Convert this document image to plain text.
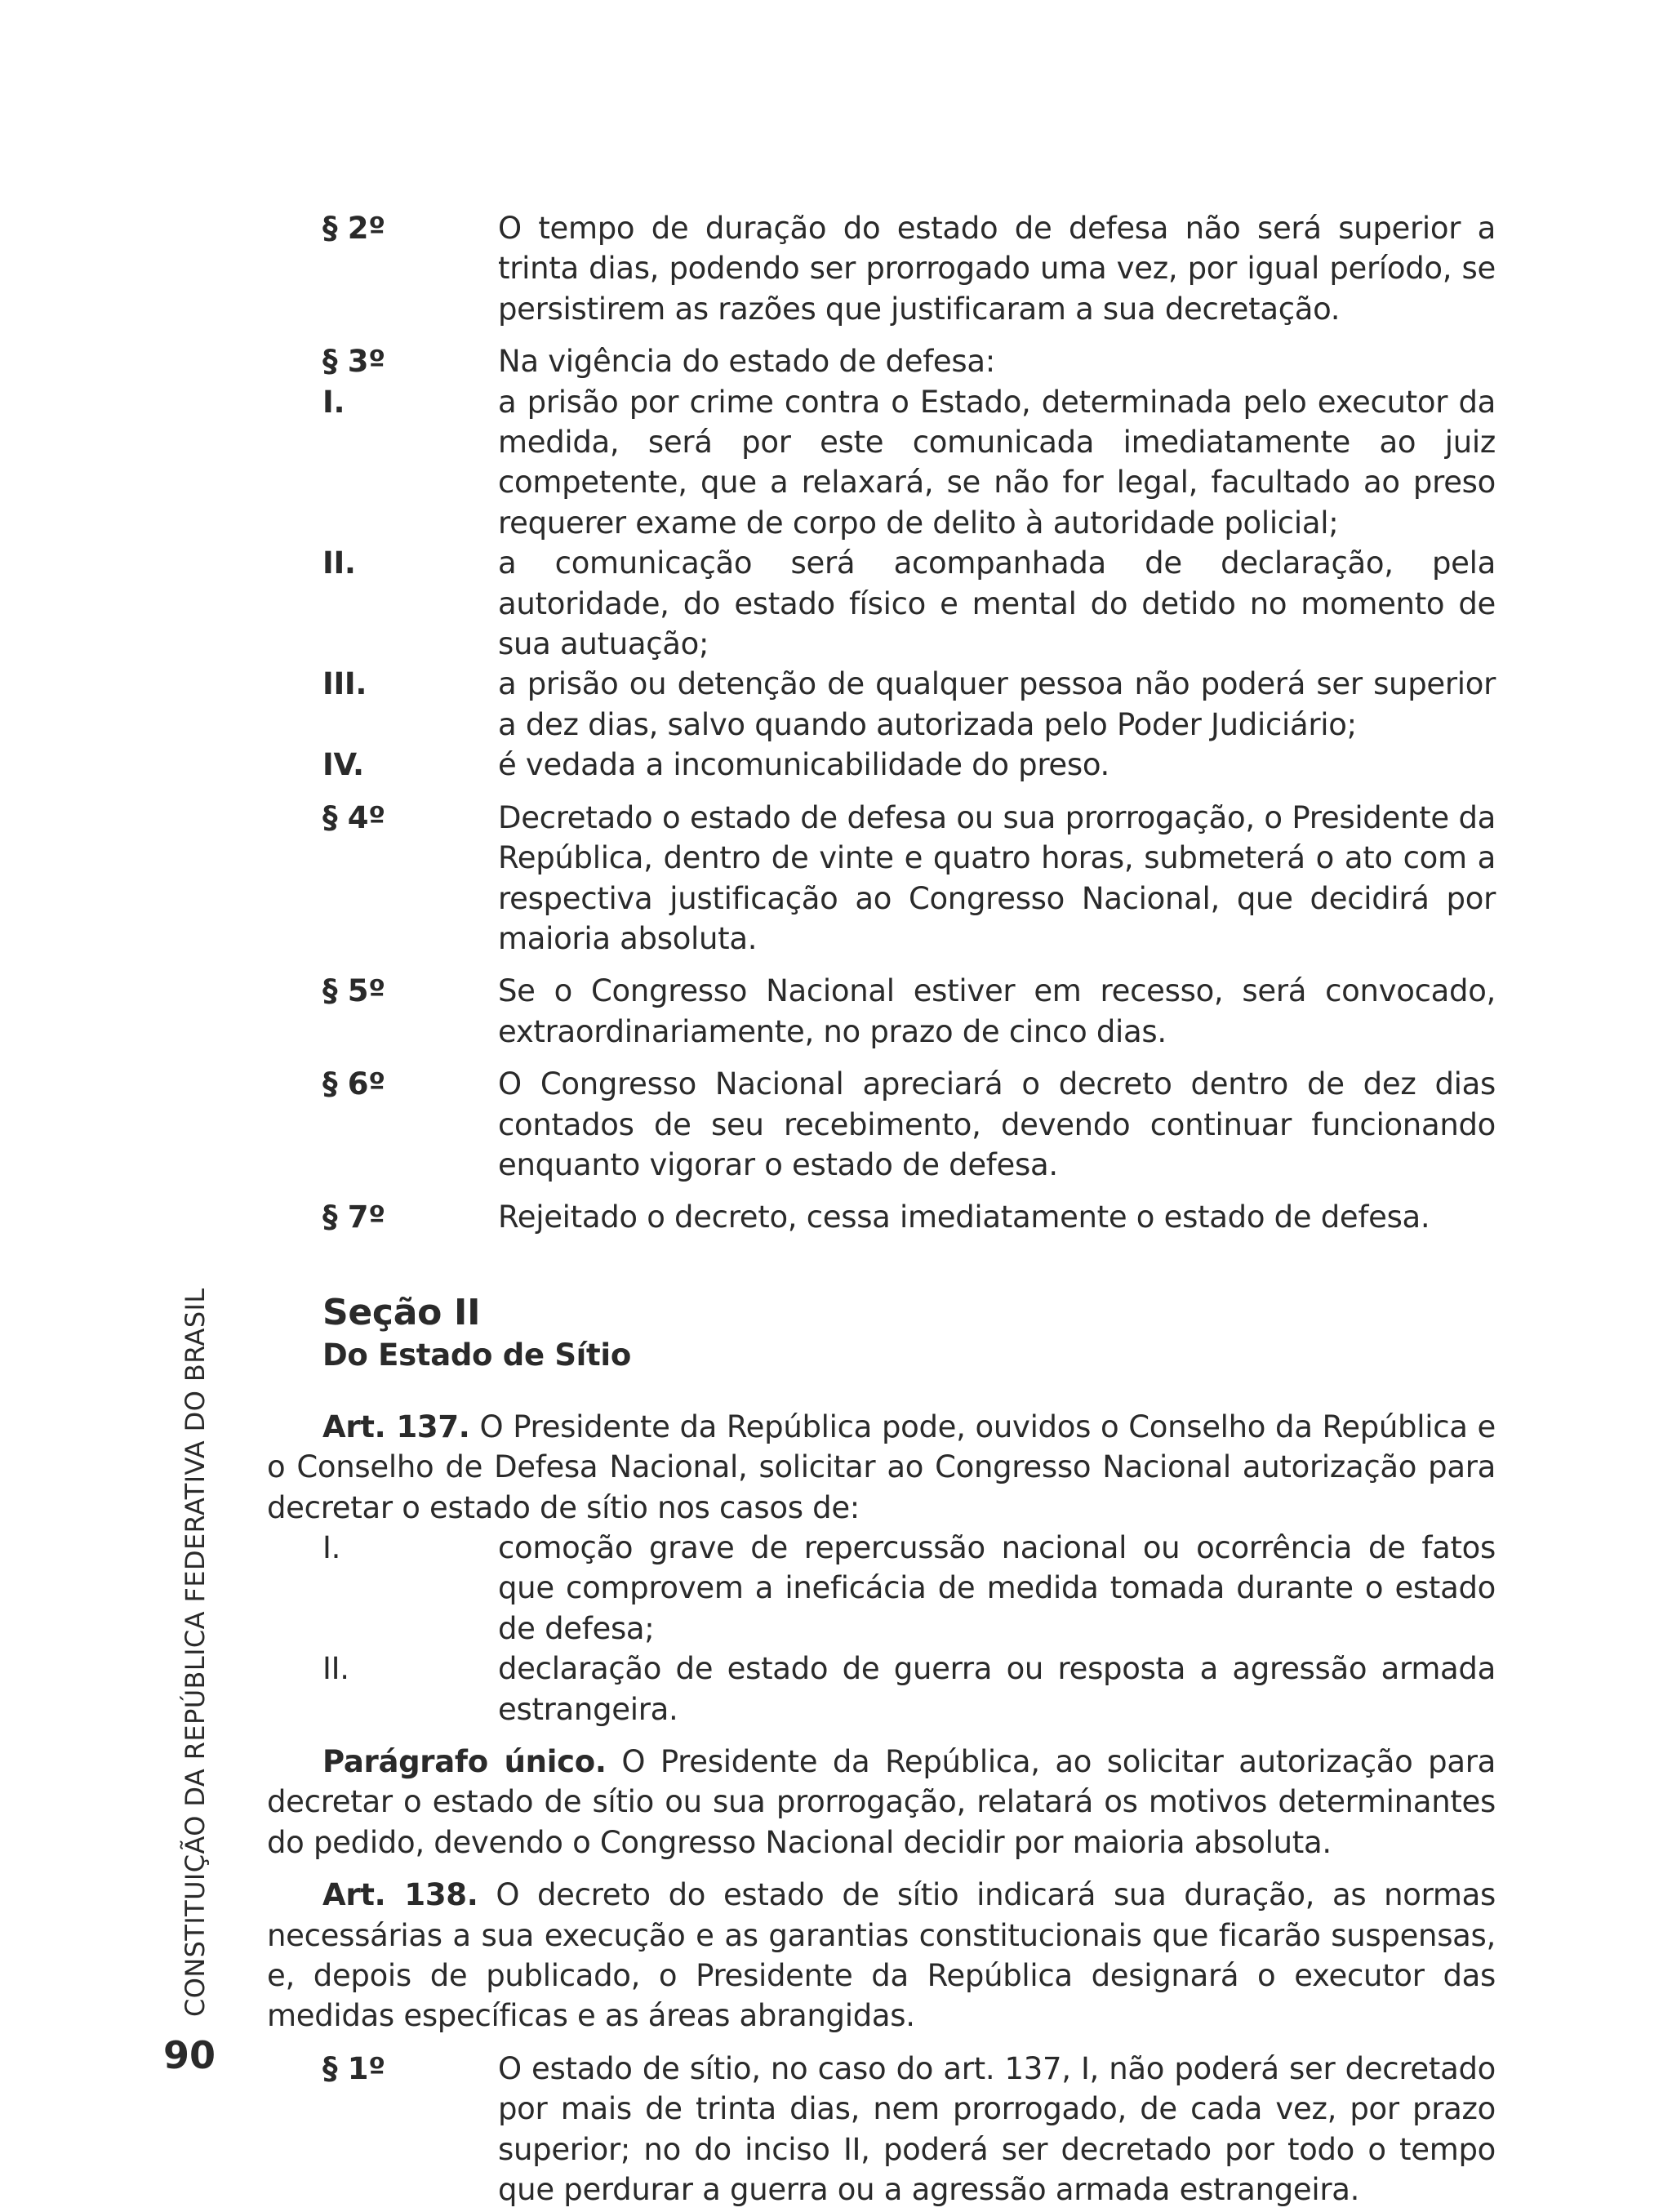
§ 2º	O tempo de duração do estado de defesa não será superior a trinta dias, podendo ser prorrogado uma vez, por igual período, se persistirem as razões que justificaram a sua decretação.
§ 3º	Na vigência do estado de defesa:
I.	a prisão por crime contra o Estado, determinada pelo executor da medida, será por este comunicada imediatamente ao juiz competente, que a relaxará, se não for legal, facultado ao preso requerer exame de corpo de delito à autoridade policial;
II.	a comunicação será acompanhada de declaração, pela autoridade, do estado físico e mental do detido no momento de sua autuação;
III.	a prisão ou detenção de qualquer pessoa não poderá ser superior a dez dias, salvo quando autorizada pelo Poder Judiciário;
IV.	é vedada a incomunicabilidade do preso.
§ 4º	Decretado o estado de defesa ou sua prorrogação, o Presidente da República, dentro de vinte e quatro horas, submeterá o ato com a respectiva justificação ao Congresso Nacional, que decidirá por maioria absoluta.
§ 5º	Se o Congresso Nacional estiver em recesso, será convocado, extraordinariamente, no prazo de cinco dias.
§ 6º	O Congresso Nacional apreciará o decreto dentro de dez dias contados de seu recebimento, devendo continuar funcionando enquanto vigorar o estado de defesa.
§ 7º	Rejeitado o decreto, cessa imediatamente o estado de defesa.
Seção II
Do Estado de Sítio
Art. 137. O Presidente da República pode, ouvidos o Conselho da República e o Conselho de Defesa Nacional, solicitar ao Congresso Nacional autorização para decretar o estado de sítio nos casos de:
I.	comoção grave de repercussão nacional ou ocorrência de fatos que comprovem a ineficácia de medida tomada durante o estado de defesa;
II.	declaração de estado de guerra ou resposta a agressão armada estrangeira.
Parágrafo único. O Presidente da República, ao solicitar autorização para decretar o estado de sítio ou sua prorrogação, relatará os motivos determinantes do pedido, devendo o Congresso Nacional decidir por maioria absoluta.
Art. 138. O decreto do estado de sítio indicará sua duração, as normas necessárias a sua execução e as garantias constitucionais que ficarão suspensas, e, depois de publicado, o Presidente da República designará o executor das medidas específicas e as áreas abrangidas.
§ 1º	O estado de sítio, no caso do art. 137, I, não poderá ser decretado por mais de trinta dias, nem prorrogado, de cada vez, por prazo superior; no do inciso II, poderá ser decretado por todo o tempo que perdurar a guerra ou a agressão armada estrangeira.
CONSTITUIÇÃO DA REPÚBLICA FEDERATIVA DO BRASIL
90
